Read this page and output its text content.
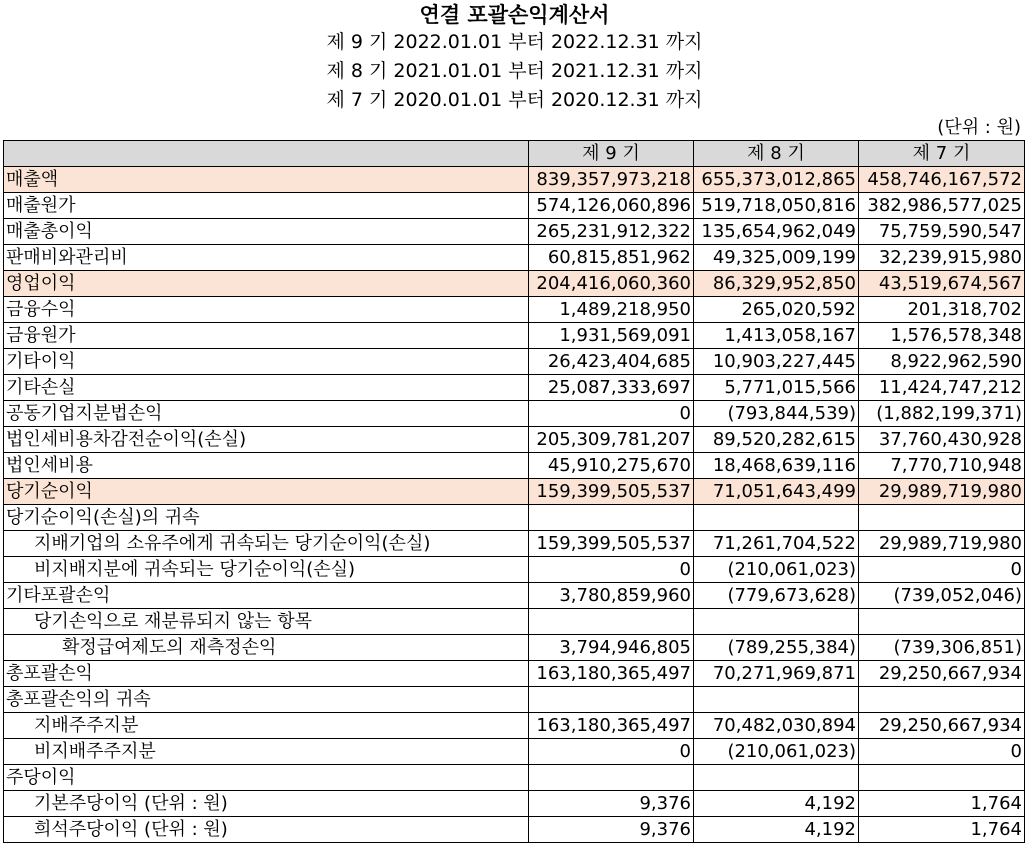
연결 포괄손익계산서
제 9 기 2022.01.01 부터 2022.12.31 까지
제 8 기 2021.01.01 부터 2021.12.31 까지
제 7 기 2020.01.01 부터 2020.12.31 까지
(단위 : 원)
	제 9 기	제 8 기	제 7 기
매출액	839,357,973,218	655,373,012,865	458,746,167,572
매출원가	574,126,060,896	519,718,050,816	382,986,577,025
매출총이익	265,231,912,322	135,654,962,049	75,759,590,547
판매비와관리비	60,815,851,962	49,325,009,199	32,239,915,980
영업이익	204,416,060,360	86,329,952,850	43,519,674,567
금융수익	1,489,218,950	265,020,592	201,318,702
금융원가	1,931,569,091	1,413,058,167	1,576,578,348
기타이익	26,423,404,685	10,903,227,445	8,922,962,590
기타손실	25,087,333,697	5,771,015,566	11,424,747,212
공동기업지분법손익	0	(793,844,539)	(1,882,199,371)
법인세비용차감전순이익(손실)	205,309,781,207	89,520,282,615	37,760,430,928
법인세비용	45,910,275,670	18,468,639,116	7,770,710,948
당기순이익	159,399,505,537	71,051,643,499	29,989,719,980
당기순이익(손실)의 귀속			
지배기업의 소유주에게 귀속되는 당기순이익(손실)	159,399,505,537	71,261,704,522	29,989,719,980
비지배지분에 귀속되는 당기순이익(손실)	0	(210,061,023)	0
기타포괄손익	3,780,859,960	(779,673,628)	(739,052,046)
당기손익으로 재분류되지 않는 항목			
확정급여제도의 재측정손익	3,794,946,805	(789,255,384)	(739,306,851)
총포괄손익	163,180,365,497	70,271,969,871	29,250,667,934
총포괄손익의 귀속			
지배주주지분	163,180,365,497	70,482,030,894	29,250,667,934
비지배주주지분	0	(210,061,023)	0
주당이익			
기본주당이익 (단위 : 원)	9,376	4,192	1,764
희석주당이익 (단위 : 원)	9,376	4,192	1,764
